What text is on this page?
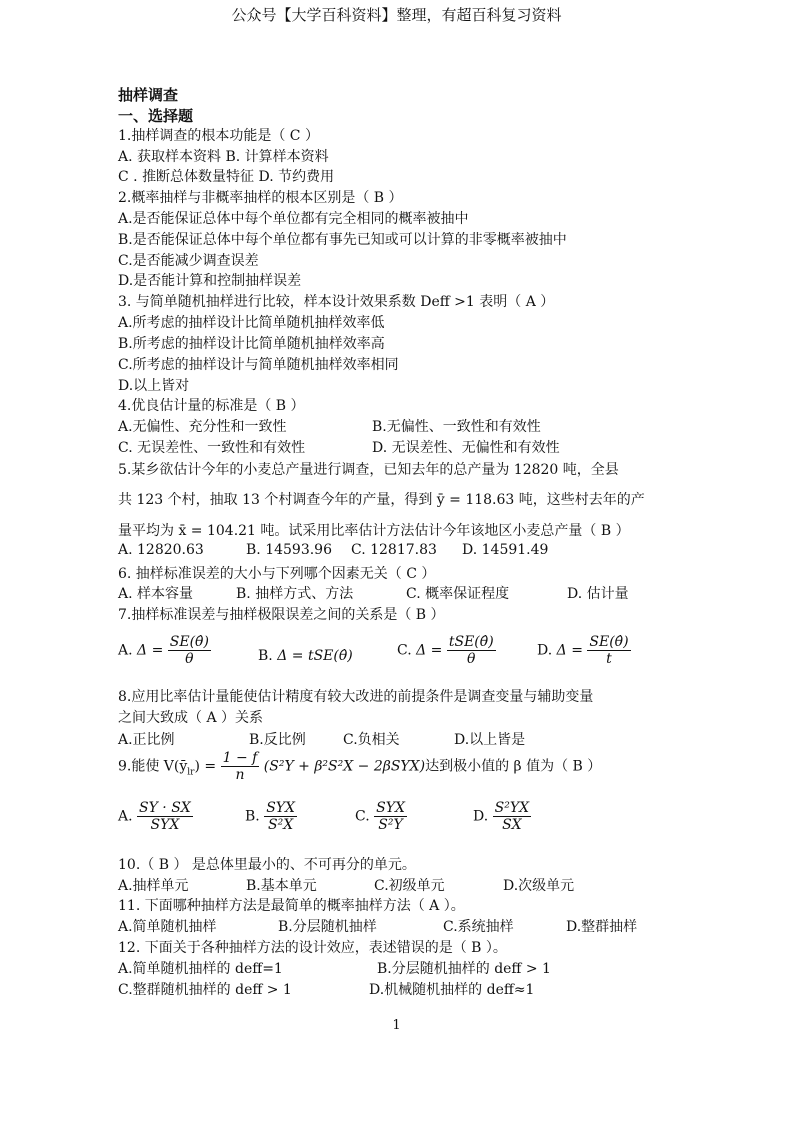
公众号【大学百科资料】整理，有超百科复习资料
抽样调查
一、选择题
1.抽样调查的根本功能是（ C ）
A. 获取样本资料 B. 计算样本资料
C . 推断总体数量特征 D. 节约费用
2.概率抽样与非概率抽样的根本区别是（ B ）
A.是否能保证总体中每个单位都有完全相同的概率被抽中
B.是否能保证总体中每个单位都有事先已知或可以计算的非零概率被抽中
C.是否能减少调查误差
D.是否能计算和控制抽样误差
3. 与简单随机抽样进行比较，样本设计效果系数 Deff >1 表明（ A ）
A.所考虑的抽样设计比简单随机抽样效率低
B.所考虑的抽样设计比简单随机抽样效率高
C.所考虑的抽样设计与简单随机抽样效率相同
D.以上皆对
4.优良估计量的标准是（ B ）
A.无偏性、充分性和一致性	B.无偏性、一致性和有效性
C. 无误差性、一致性和有效性	D. 无误差性、无偏性和有效性
5.某乡欲估计今年的小麦总产量进行调查，已知去年的总产量为 12820 吨，全县
共 123 个村，抽取 13 个村调查今年的产量，得到 ȳ = 118.63 吨，这些村去年的产
量平均为 x̄ = 104.21 吨。试采用比率估计方法估计今年该地区小麦总产量（ B ）
A. 12820.63	B. 14593.96 C. 12817.83 D. 14591.49
6. 抽样标准误差的大小与下列哪个因素无关（ C ）
A. 样本容量	B. 抽样方式、方法	C. 概率保证程度	D. 估计量
7.抽样标准误差与抽样极限误差之间的关系是（ B ）
A. $\Delta = \frac{SE(\thetâ)}{\theta}$	B. Δ = tSE(θ̂)	C. $\Delta = \frac{\text{tSE(θ̂)}}{\theta}$	D. $\Delta = \frac{SE(\thetâ)}{t}$
8.应用比率估计量能使估计精度有较大改进的前提条件是调查变量与辅助变量
之间大致成（ A ）关系
A.正比例	B.反比例	C.负相关	D.以上皆是
9.能使 $V(ȳ_{lr}) = \frac{1 - f}{n} (S^2Y + \beta^2S^2X - 2\beta SYX)$达到极小值的 β 值为（ B ）
A. $\frac{SY \cdot SX}{\text{SYX}}$	B. $\frac{\text{SYX}}{\text{S²X}}$	C. $\frac{\text{SYX}}{\text{S²Y}}$	D. $\frac{\text{S²YX}}{SX}$
10.（ B ） 是总体里最小的、不可再分的单元。
A.抽样单元	B.基本单元	C.初级单元	D.次级单元
11. 下面哪种抽样方法是最简单的概率抽样方法（ A ）。
A.简单随机抽样	B.分层随机抽样	C.系统抽样	D.整群抽样
12. 下面关于各种抽样方法的设计效应，表述错误的是（ B ）。
A.简单随机抽样的 deff=1	B.分层随机抽样的 deff > 1
C.整群随机抽样的 deff > 1	D.机械随机抽样的 deff≈1
1
